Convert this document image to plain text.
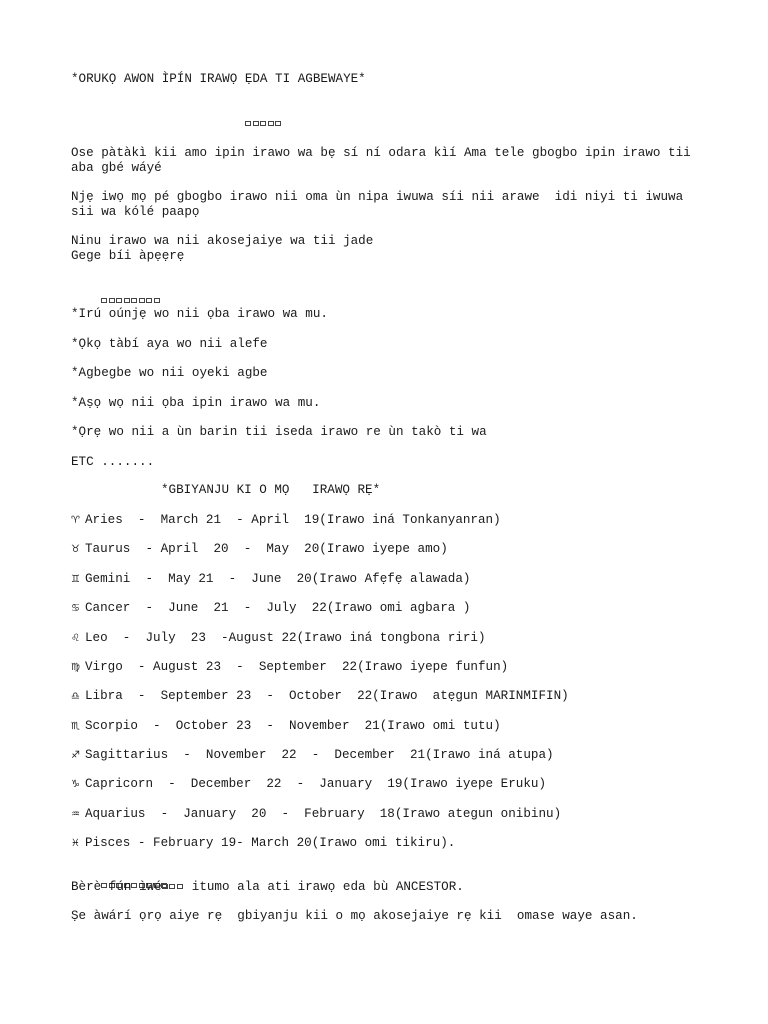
*ORUKỌ AWON ÌPÍN IRAWỌ ẸDA TI AGBEWAYE*

Ose pàtàkì kii amo ipin irawo wa bẹ sí ní odara kìí Ama tele gbogbo ipin irawo tii

aba gbé wáyé

Njẹ iwọ mọ pé gbogbo irawo nii oma ùn nipa iwuwa síi nii arawe  idi niyi ti iwuwa

sii wa kólé paapọ

Ninu irawo wa nii akosejaiye wa tii jade

Gege bíi àpẹẹrẹ

*Irú oúnjẹ wo nii ọba irawo wa mu.

*Ọkọ tàbí aya wo nii alefe

*Agbegbe wo nii oyeki agbe

*Aṣọ wọ nii ọba ipin irawo wa mu.

*Ọrẹ wo nii a ùn barin tii iseda irawo re ùn takò ti wa

ETC .......

*GBIYANJU KI O MỌ   IRAWỌ RẸ*

♈ Aries  -  March 21  - April  19(Irawo iná Tonkanyanran)

♉ Taurus  - April  20  -  May  20(Irawo iyepe amo)

♊ Gemini  -  May 21  -  June  20(Irawo Afẹfẹ alawada)

♋ Cancer  -  June  21  -  July  22(Irawo omi agbara )

♌ Leo  -  July  23  -August 22(Irawo iná tongbona riri)

♍ Virgo  - August 23  -  September  22(Irawo iyepe funfun)

♎ Libra  -  September 23  -  October  22(Irawo  atẹgun MARINMIFIN)

♏ Scorpio  -  October 23  -  November  21(Irawo omi tutu)

♐ Sagittarius  -  November  22  -  December  21(Irawo iná atupa)

♑ Capricorn  -  December  22  -  January  19(Irawo iyepe Eruku)

♒ Aquarius  -  January  20  -  February  18(Irawo ategun onibinu)

♓ Pisces - February 19- March 20(Irawo omi tikiru).

Bèrè fún ìwé itumo ala ati irawọ eda bù ANCESTOR.

Ṣe àwárí ọrọ aiye rẹ  gbiyanju kii o mọ akosejaiye rẹ kii  omase waye asan.
